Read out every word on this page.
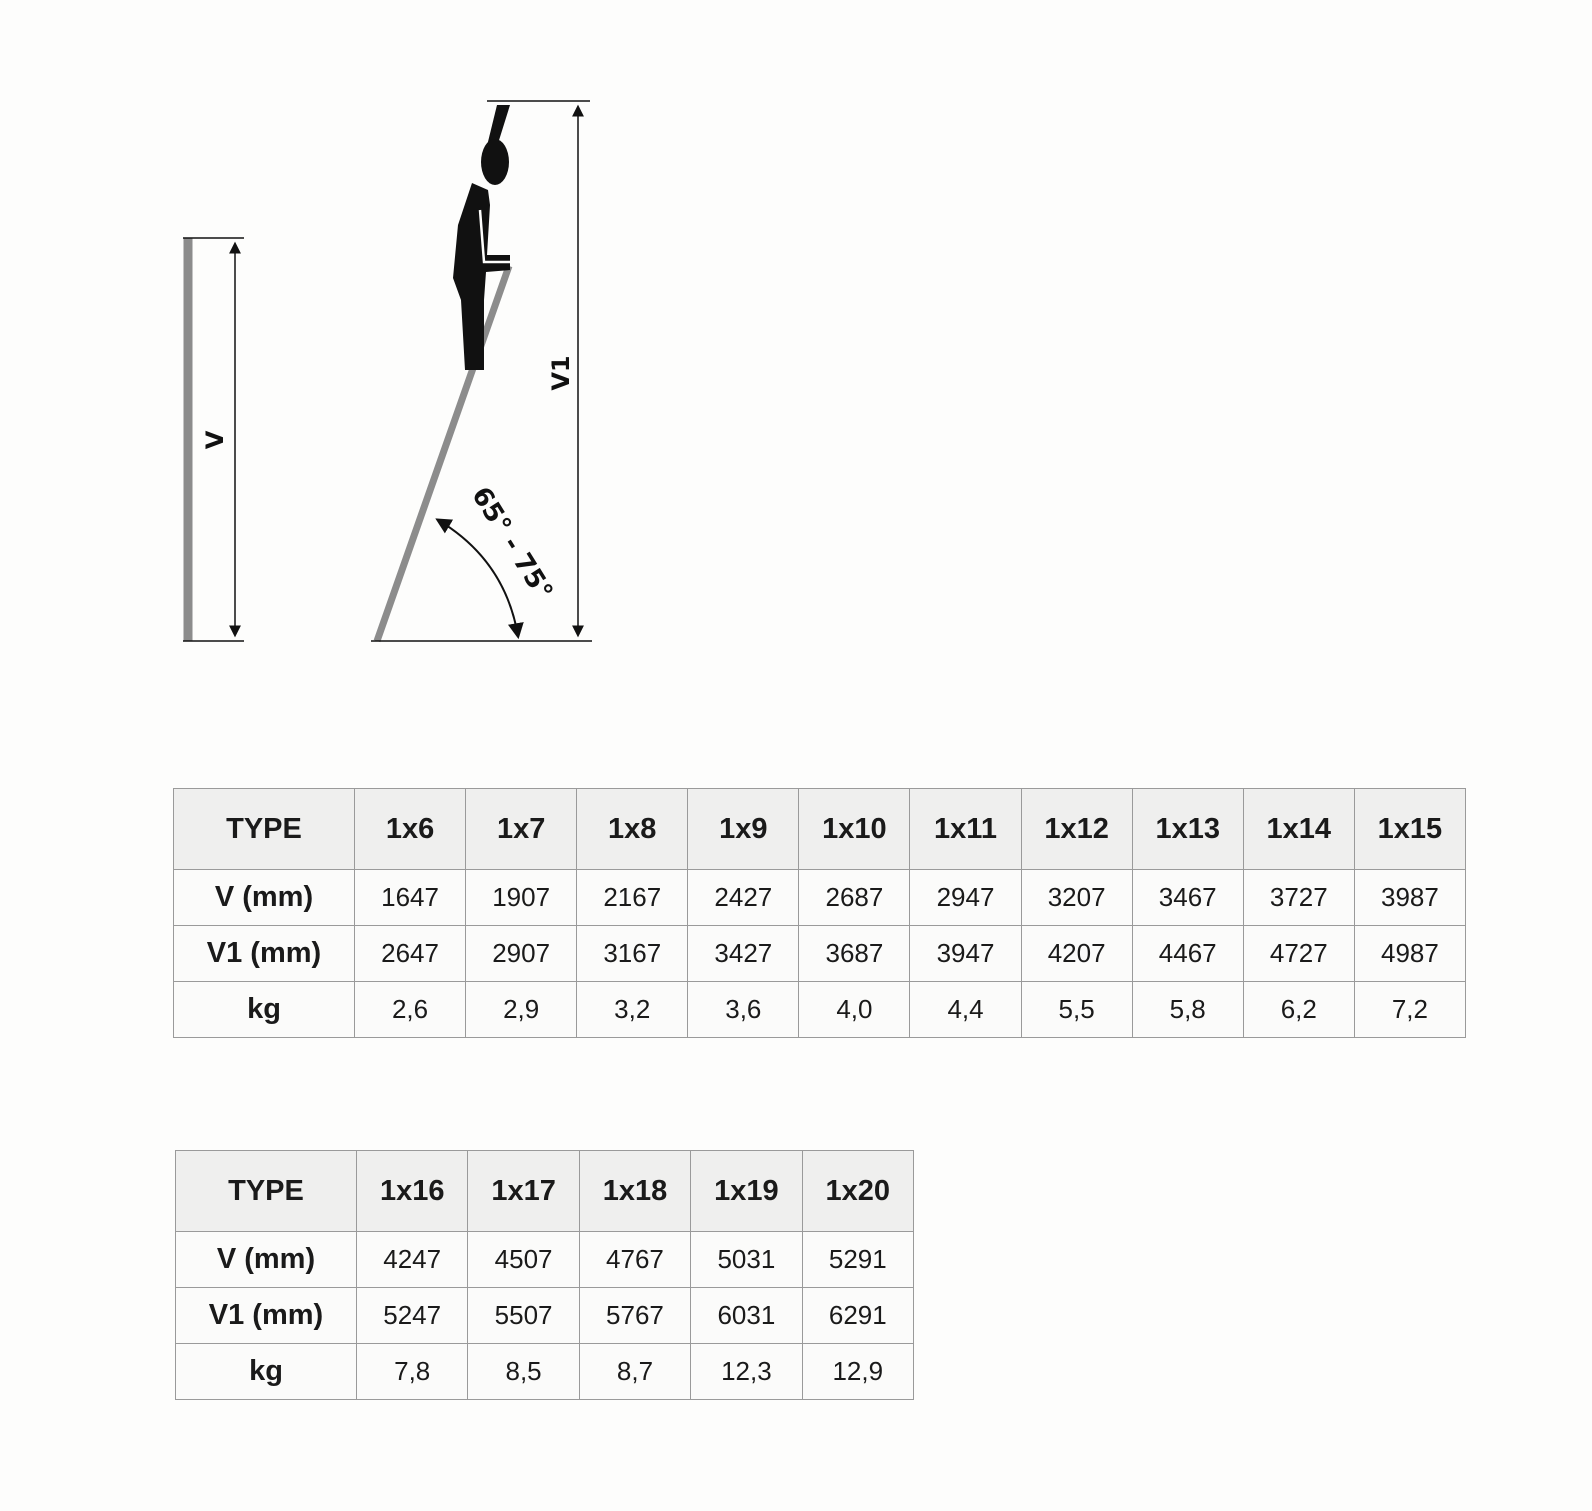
V
V1
65° - 75°
TYPE	1x6	1x7	1x8	1x9	1x10	1x11	1x12	1x13	1x14	1x15
V (mm)	1647	1907	2167	2427	2687	2947	3207	3467	3727	3987
V1 (mm)	2647	2907	3167	3427	3687	3947	4207	4467	4727	4987
kg	2,6	2,9	3,2	3,6	4,0	4,4	5,5	5,8	6,2	7,2
TYPE	1x16	1x17	1x18	1x19	1x20
V (mm)	4247	4507	4767	5031	5291
V1 (mm)	5247	5507	5767	6031	6291
kg	7,8	8,5	8,7	12,3	12,9
